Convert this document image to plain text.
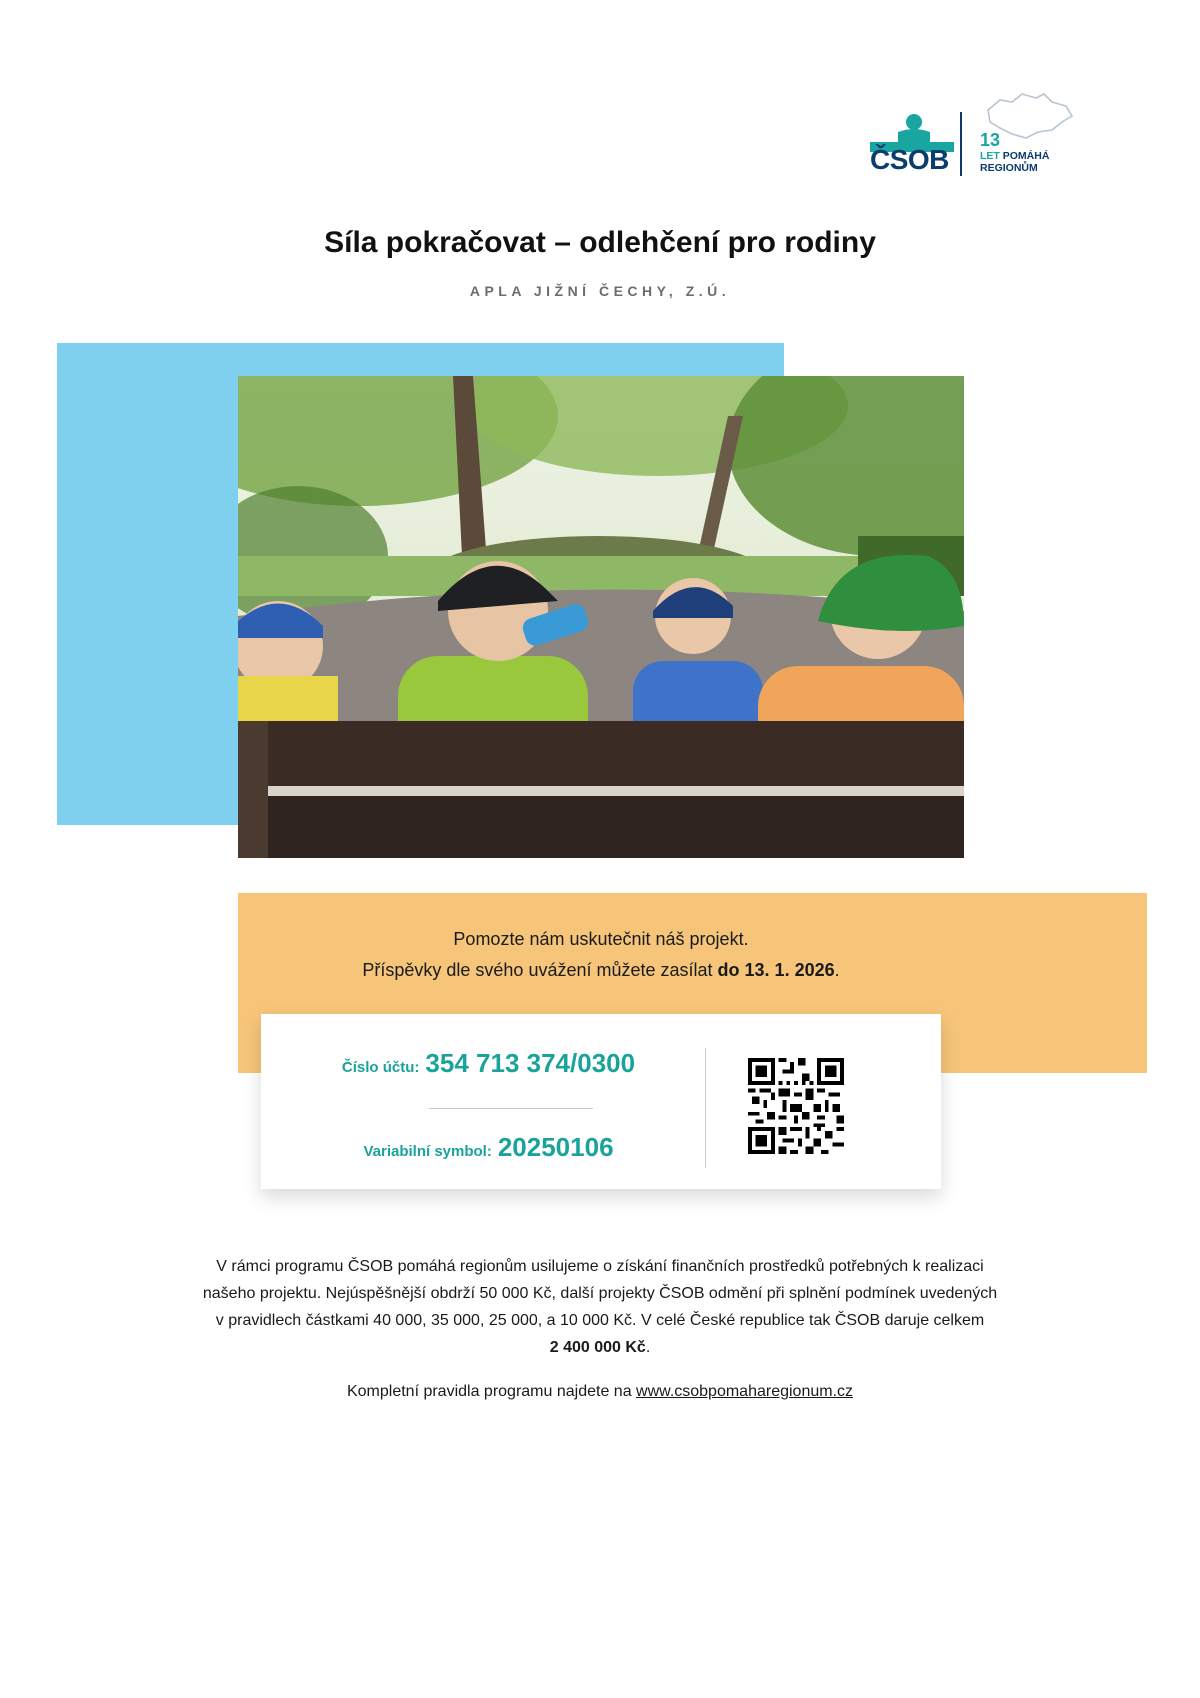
ČSOB
13
LET POMÁHÁ
REGIONŮM
Síla pokračovat – odlehčení pro rodiny
APLA JIŽNÍ ČECHY, Z.Ú.
Pomozte nám uskutečnit náš projekt.
Příspěvky dle svého uvážení můžete zasílat do 13. 1. 2026.
Číslo účtu: 354 713 374/0300
Variabilní symbol: 20250106
V rámci programu ČSOB pomáhá regionům usilujeme o získání finančních prostředků potřebných k realizaci
našeho projektu. Nejúspěšnější obdrží 50 000 Kč, další projekty ČSOB odmění při splnění podmínek uvedených
v pravidlech částkami 40 000, 35 000, 25 000, a 10 000 Kč. V celé České republice tak ČSOB daruje celkem
2 400 000 Kč.
Kompletní pravidla programu najdete na www.csobpomaharegionum.cz
